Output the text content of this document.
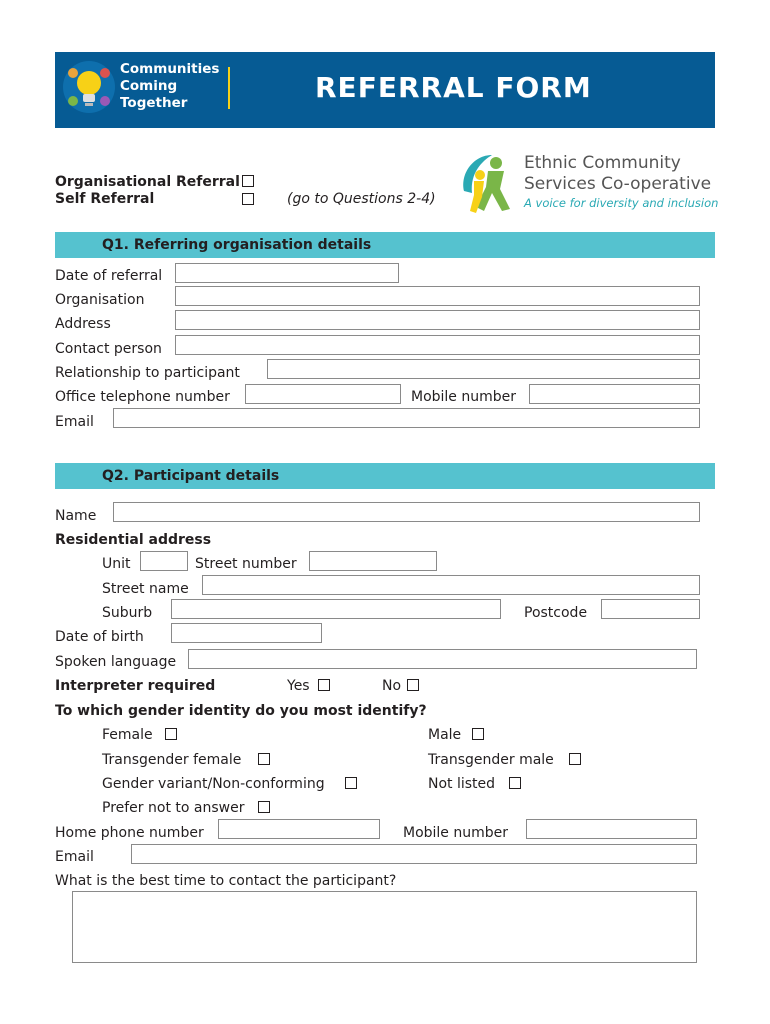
Communities
Coming
Together	REFERRAL FORM
Ethnic Community
Services Co-operative
A voice for diversity and inclusion
Organisational Referral
Self Referral	(go to Questions 2-4)
Q1. Referring organisation details
Date of referral
Organisation
Address
Contact person
Relationship to participant
Office telephone number	Mobile number
Email
Q2. Participant details
Name
Residential address
Unit	Street number
Street name
Suburb	Postcode
Date of birth
Spoken language
Interpreter required	Yes	No
To which gender identity do you most identify?
Female	Male
Transgender female	Transgender male
Gender variant/Non-conforming	Not listed
Prefer not to answer
Home phone number	Mobile number
Email
What is the best time to contact the participant?
